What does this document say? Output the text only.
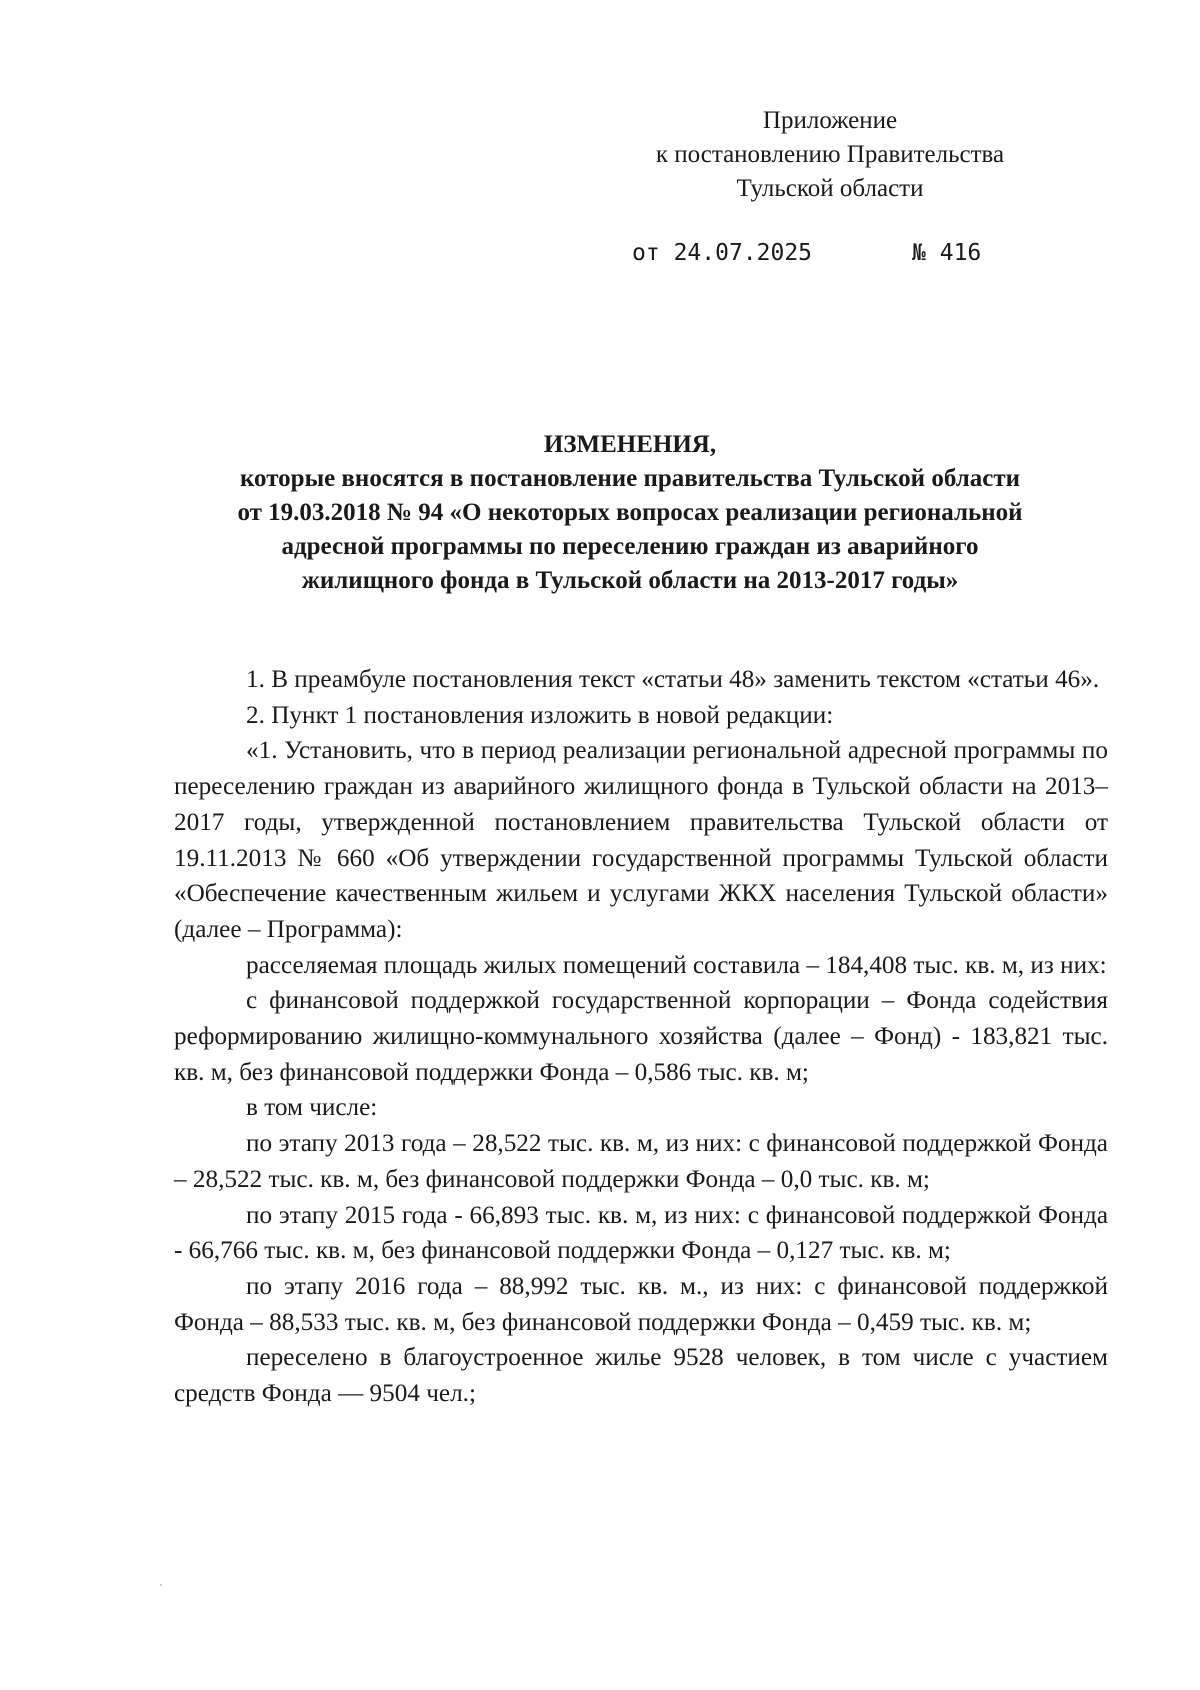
Приложение
к постановлению Правительства
Тульской области
от 24.07.2025	№ 416
ИЗМЕНЕНИЯ,
которые вносятся в постановление правительства Тульской области
от 19.03.2018 № 94 «О некоторых вопросах реализации региональной
адресной программы по переселению граждан из аварийного
жилищного фонда в Тульской области на 2013-2017 годы»

1. В преамбуле постановления текст «статьи 48» заменить текстом «статьи 46».

2. Пункт 1 постановления изложить в новой редакции:

«1. Установить, что в период реализации региональной адресной программы по переселению граждан из аварийного жилищного фонда в Тульской области на 2013–2017 годы, утвержденной постановлением правительства Тульской области от 19.11.2013 № 660 «Об утверждении государственной программы Тульской области «Обеспечение качественным жильем и услугами ЖКХ населения Тульской области» (далее – Программа):

расселяемая площадь жилых помещений составила – 184,408 тыс. кв. м, из них:

с финансовой поддержкой государственной корпорации – Фонда содействия реформированию жилищно-коммунального хозяйства (далее – Фонд) - 183,821 тыс. кв. м, без финансовой поддержки Фонда – 0,586 тыс. кв. м;

в том числе:

по этапу 2013 года – 28,522 тыс. кв. м, из них: с финансовой поддержкой Фонда – 28,522 тыс. кв. м, без финансовой поддержки Фонда – 0,0 тыс. кв. м;

по этапу 2015 года - 66,893 тыс. кв. м, из них: с финансовой поддержкой Фонда - 66,766 тыс. кв. м, без финансовой поддержки Фонда – 0,127 тыс. кв. м;

по этапу 2016 года – 88,992 тыс. кв. м., из них: с финансовой поддержкой Фонда – 88,533 тыс. кв. м, без финансовой поддержки Фонда – 0,459 тыс. кв. м;

переселено в благоустроенное жилье 9528 человек, в том числе с участием средств Фонда — 9504 чел.;
